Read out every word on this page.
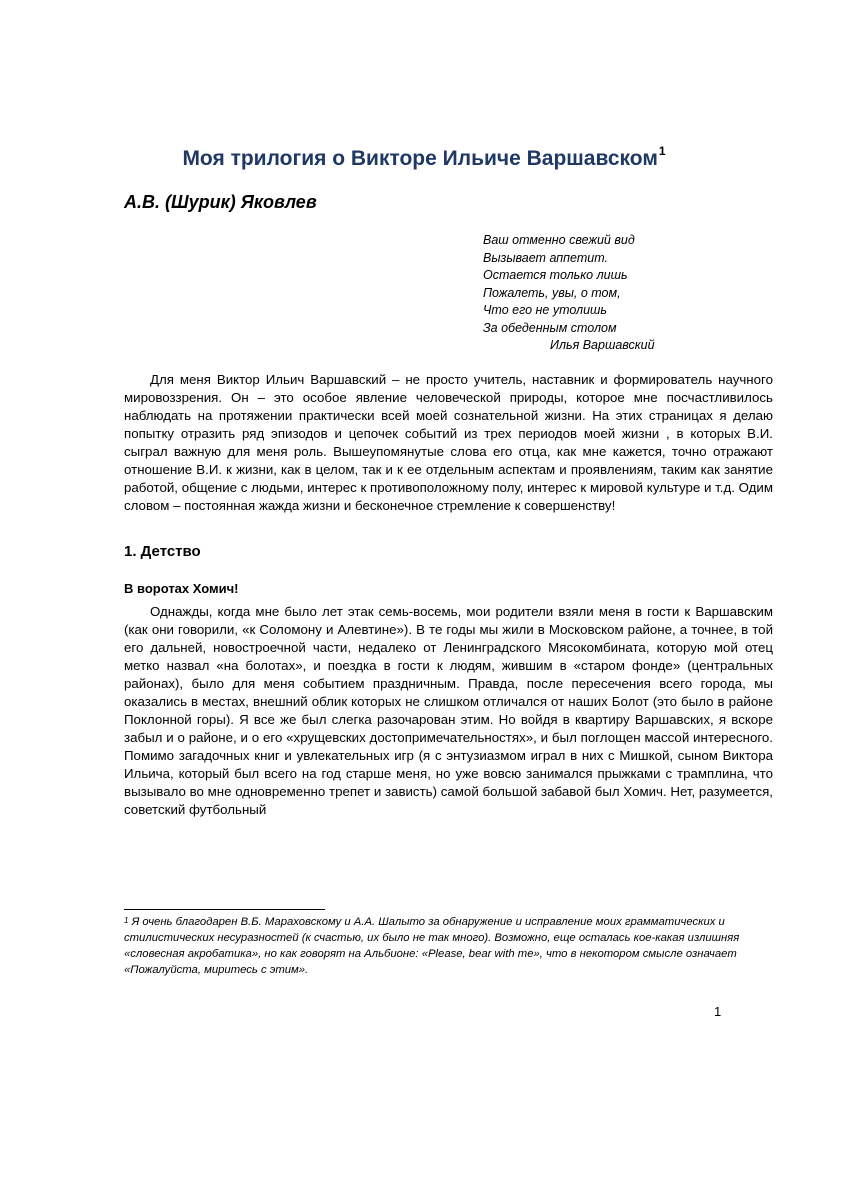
Моя трилогия о Викторе Ильиче Варшавском$^1$
А.В. (Шурик) Яковлев
Ваш отменно свежий вид
Вызывает аппетит.
Остается только лишь
Пожалеть, увы, о том,
Что его не утолишь
За обеденным столом
Илья Варшавский

Для меня Виктор Ильич Варшавский – не просто учитель, наставник и формирователь научного мировоззрения. Он – это особое явление человеческой природы, которое мне посчастливилось наблюдать на протяжении практически всей моей сознательной жизни. На этих страницах я делаю попытку отразить ряд эпизодов и цепочек событий из трех периодов моей жизни , в которых В.И. сыграл важную для меня роль. Вышеупомянутые слова его отца, как мне кажется, точно отражают отношение В.И. к жизни, как в целом, так и к ее отдельным аспектам и проявлениям, таким как занятие работой, общение с людьми, интерес к противоположному полу, интерес к мировой культуре и т.д. Одим словом – постоянная жажда жизни и бесконечное стремление к совершенству!

1. Детство
В воротах Хомич!

Однажды, когда мне было лет этак семь-восемь, мои родители взяли меня в гости к Варшавским (как они говорили, «к Соломону и Алевтине»). В те годы мы жили в Московском районе, а точнее, в той его дальней, новостроечной части, недалеко от Ленинградского Мясокомбината, которую мой отец метко назвал «на болотах», и поездка в гости к людям, жившим в «старом фонде» (центральных районах), было для меня событием праздничным. Правда, после пересечения всего города, мы оказались в местах, внешний облик которых не слишком отличался от наших Болот (это было в районе Поклонной горы). Я все же был слегка разочарован этим. Но войдя в квартиру Варшавских, я вскоре забыл и о районе, и о его «хрущевских достопримечательностях», и был поглощен массой интересного. Помимо загадочных книг и увлекательных игр (я с энтузиазмом играл в них с Мишкой, сыном Виктора Ильича, который был всего на год старше меня, но уже вовсю занимался прыжками с трамплина, что вызывало во мне одновременно трепет и зависть) самой большой забавой был Хомич. Нет, разумеется, советский футбольный

$^1$ Я очень благодарен В.Б. Мараховскому и А.А. Шалыто за обнаружение и исправление моих грамматических и стилистических несуразностей (к счастью, их было не так много). Возможно, еще осталась кое-какая излишняя «словесная акробатика», но как говорят на Альбионе: «Please, bear with me», что в некотором смысле означает «Пожалуйста, миритесь с этим».

1
